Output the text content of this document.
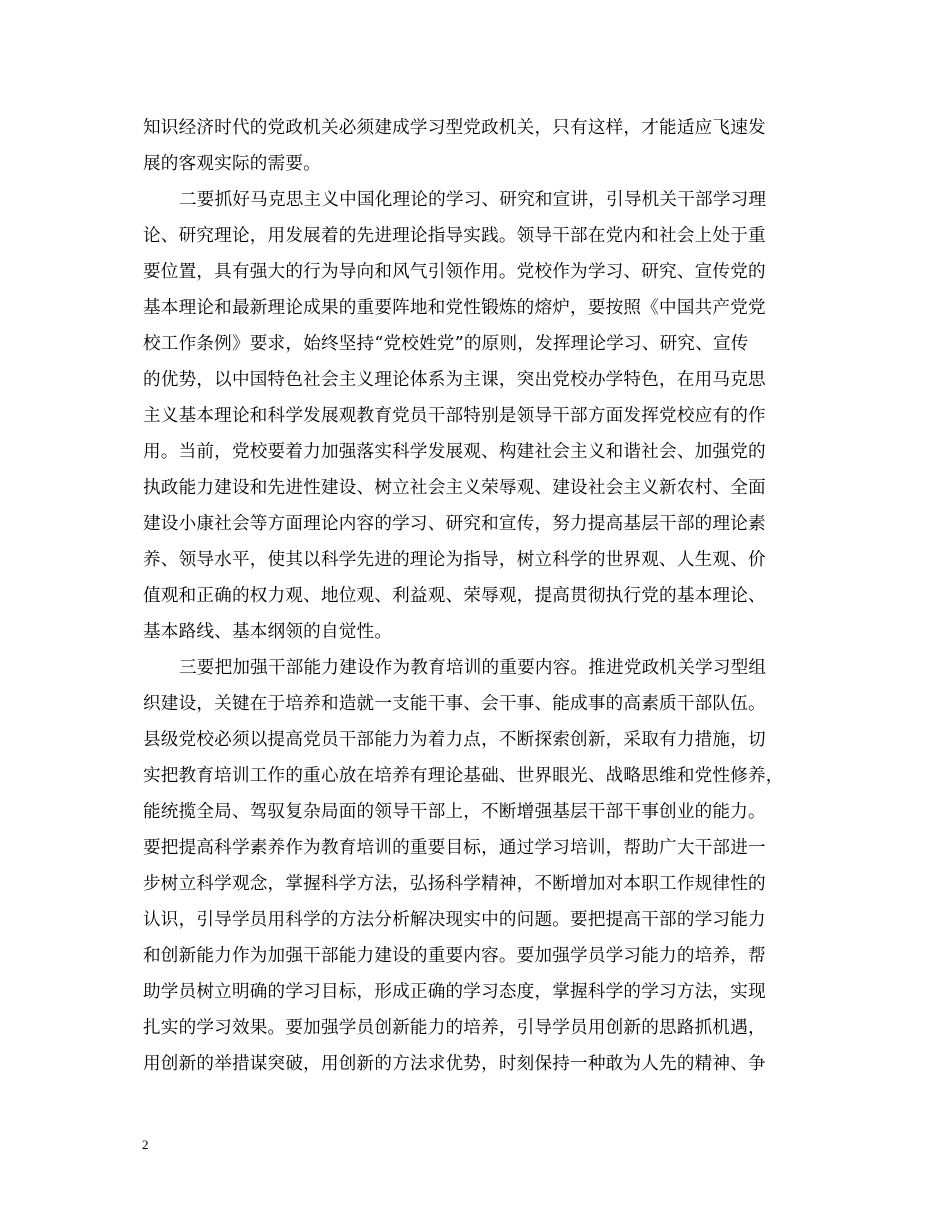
知识经济时代的党政机关必须建成学习型党政机关，只有这样，才能适应飞速发
展的客观实际的需要。
二要抓好马克思主义中国化理论的学习、研究和宣讲，引导机关干部学习理
论、研究理论，用发展着的先进理论指导实践。领导干部在党内和社会上处于重
要位置，具有强大的行为导向和风气引领作用。党校作为学习、研究、宣传党的
基本理论和最新理论成果的重要阵地和党性锻炼的熔炉，要按照《中国共产党党
校工作条例》要求，始终坚持“党校姓党”的原则，发挥理论学习、研究、宣传
的优势，以中国特色社会主义理论体系为主课，突出党校办学特色，在用马克思
主义基本理论和科学发展观教育党员干部特别是领导干部方面发挥党校应有的作
用。当前，党校要着力加强落实科学发展观、构建社会主义和谐社会、加强党的
执政能力建设和先进性建设、树立社会主义荣辱观、建设社会主义新农村、全面
建设小康社会等方面理论内容的学习、研究和宣传，努力提高基层干部的理论素
养、领导水平，使其以科学先进的理论为指导，树立科学的世界观、人生观、价
值观和正确的权力观、地位观、利益观、荣辱观，提高贯彻执行党的基本理论、
基本路线、基本纲领的自觉性。
三要把加强干部能力建设作为教育培训的重要内容。推进党政机关学习型组
织建设，关键在于培养和造就一支能干事、会干事、能成事的高素质干部队伍。
县级党校必须以提高党员干部能力为着力点，不断探索创新，采取有力措施，切
实把教育培训工作的重心放在培养有理论基础、世界眼光、战略思维和党性修养，
能统揽全局、驾驭复杂局面的领导干部上，不断增强基层干部干事创业的能力。
要把提高科学素养作为教育培训的重要目标，通过学习培训，帮助广大干部进一
步树立科学观念，掌握科学方法，弘扬科学精神，不断增加对本职工作规律性的
认识，引导学员用科学的方法分析解决现实中的问题。要把提高干部的学习能力
和创新能力作为加强干部能力建设的重要内容。要加强学员学习能力的培养，帮
助学员树立明确的学习目标，形成正确的学习态度，掌握科学的学习方法，实现
扎实的学习效果。要加强学员创新能力的培养，引导学员用创新的思路抓机遇，
用创新的举措谋突破，用创新的方法求优势，时刻保持一种敢为人先的精神、争
2
